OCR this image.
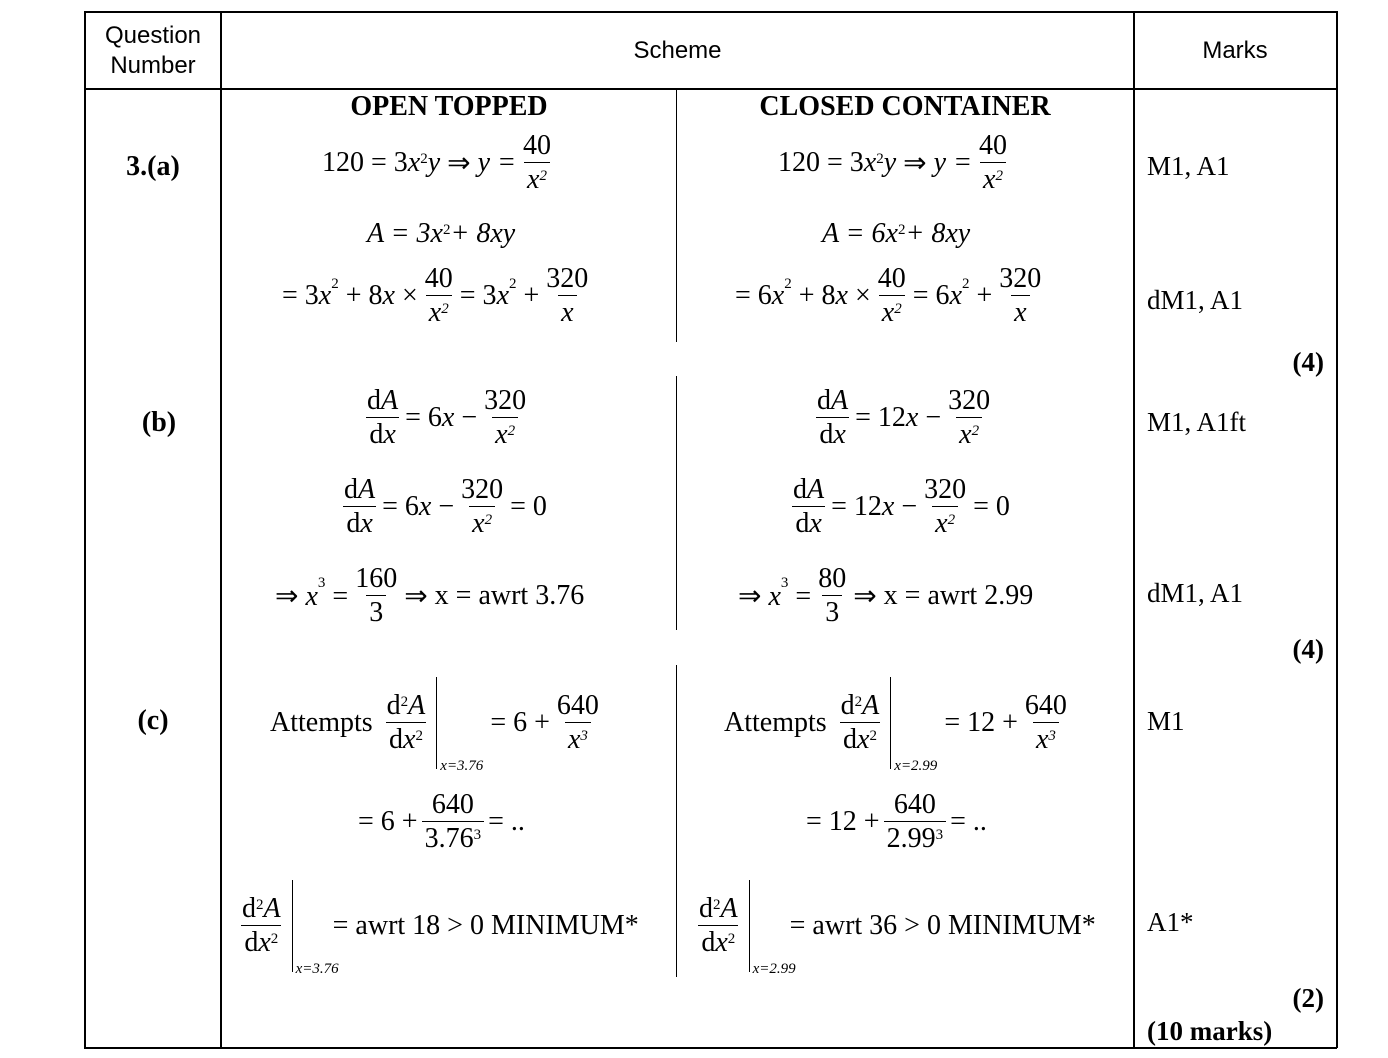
Question
Number
Scheme	Marks
OPEN TOPPED	CLOSED CONTAINER
3.(a)
(b)
(c)
M1, A1
dM1, A1
(4)
M1, A1ft
dM1, A1
(4)
M1
A1*
(2)
(10 marks)
120 = 3 $x^2$ y ⇒ $y = \frac{40}{x^2}$
A = 3 $x^2 + 8xy$
= $3x^2 + 8x \times \frac{40}{x^2} = 3x^2 + \frac{320}{x}$
120 = 3 $x^2$ y ⇒ $y = \frac{40}{x^2}$
A = 6 $x^2 + 8xy$
= $6x^2 + 8x \times \frac{40}{x^2} = 6x^2 + \frac{320}{x}$
$\frac{dA}{dx} = 6x - \frac{320}{x^2}$
$\frac{dA}{dx} = 6x - \frac{320}{x^2} = 0$
⇒ $x^3 = \frac{160}{3}$ ⇒ x = awrt 3.76
$\frac{dA}{dx} = 12x - \frac{320}{x^2}$
$\frac{dA}{dx} = 12x - \frac{320}{x^2} = 0$
⇒ $x^3 = \frac{80}{3}$ ⇒ x = awrt 2.99
Attempts
$\frac{d^2A}{dx^2}$
x=3.76
= $6 + \frac{640}{x^3}$
= $6 + \frac{640}{3.76^3}$ = ..
$\frac{d^2A}{dx^2}$
x=3.76
= awrt 18 > 0 MINIMUM*
Attempts
$\frac{d^2A}{dx^2}$
x=2.99
= $12 + \frac{640}{x^3}$
= $12 + \frac{640}{2.99^3}$ = ..
$\frac{d^2A}{dx^2}$
x=2.99
= awrt 36 > 0 MINIMUM*
